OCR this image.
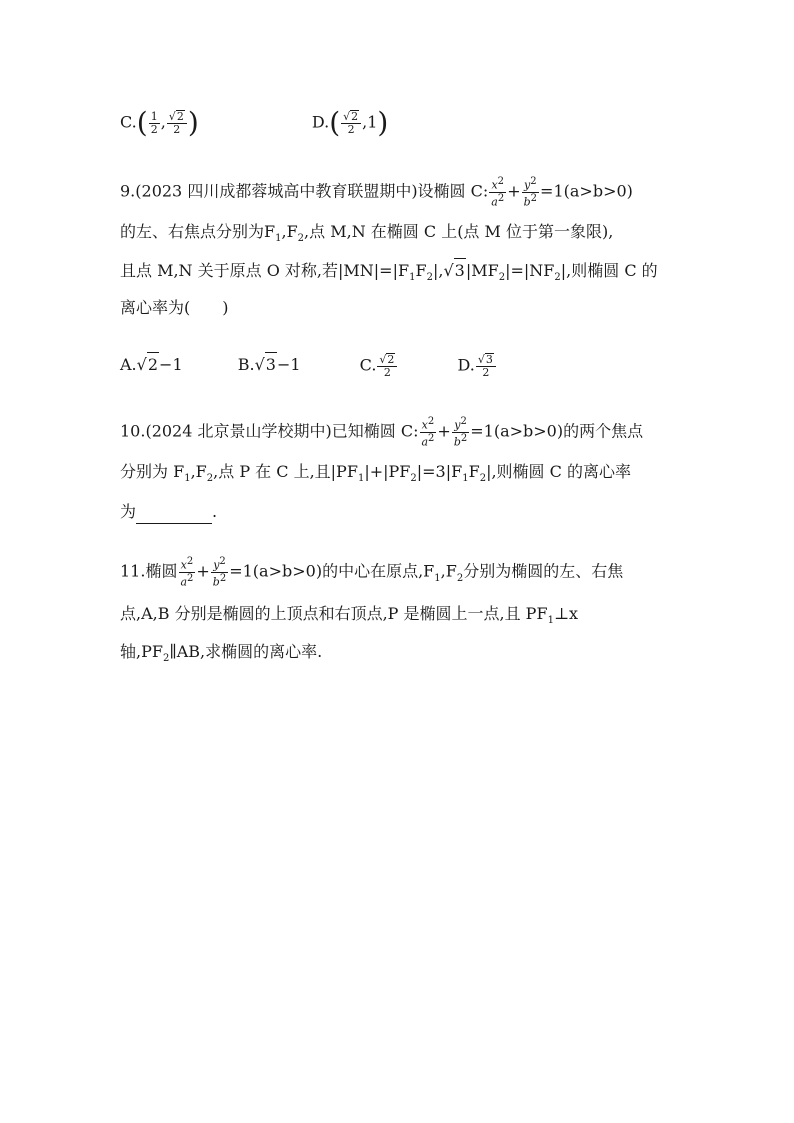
$C.( \frac{1}{2}$ , $\frac{√ 2}{2}$ )	$D.( \frac{√ 2}{2} ,1)$
9.(2023 四川成都蓉城高中教育联盟期中)设椭圆 C: $\frac{x^2}{a^2} + \frac{y^2}{b^2} =1(a>b>0)$
的左、右焦点分别为$F_1,F_2$,点 M,N 在椭圆 C 上(点 M 位于第一象限),
且点 M,N 关于原点 O 对称,若$|MN|=|F_1F_2|$, √ 3 $|MF_2|=|NF_2|$,则椭圆 C 的
离心率为(　　)
A. √ 2 −1	B. √ 3 −1	C. $\frac{√ 2}{2}$	D. $\frac{√ 3}{2}$
10.(2024 北京景山学校期中)已知椭圆 C: $\frac{x^2}{a^2} + \frac{y^2}{b^2} =1(a>b>0)$的两个焦点
分别为 $F_1,F_2$,点 P 在 C 上,且$|PF_1|+|PF_2|=3|F_1F_2|$,则椭圆 C 的离心率
为	.
11.椭圆 $\frac{x^2}{a^2} + \frac{y^2}{b^2} =1(a>b>0)$的中心在原点$,F_1,F_2$分别为椭圆的左、右焦
点,A,B 分别是椭圆的上顶点和右顶点,P 是椭圆上一点,且 $PF_1\perp x$
轴$,PF_2\parallel AB$,求椭圆的离心率.
